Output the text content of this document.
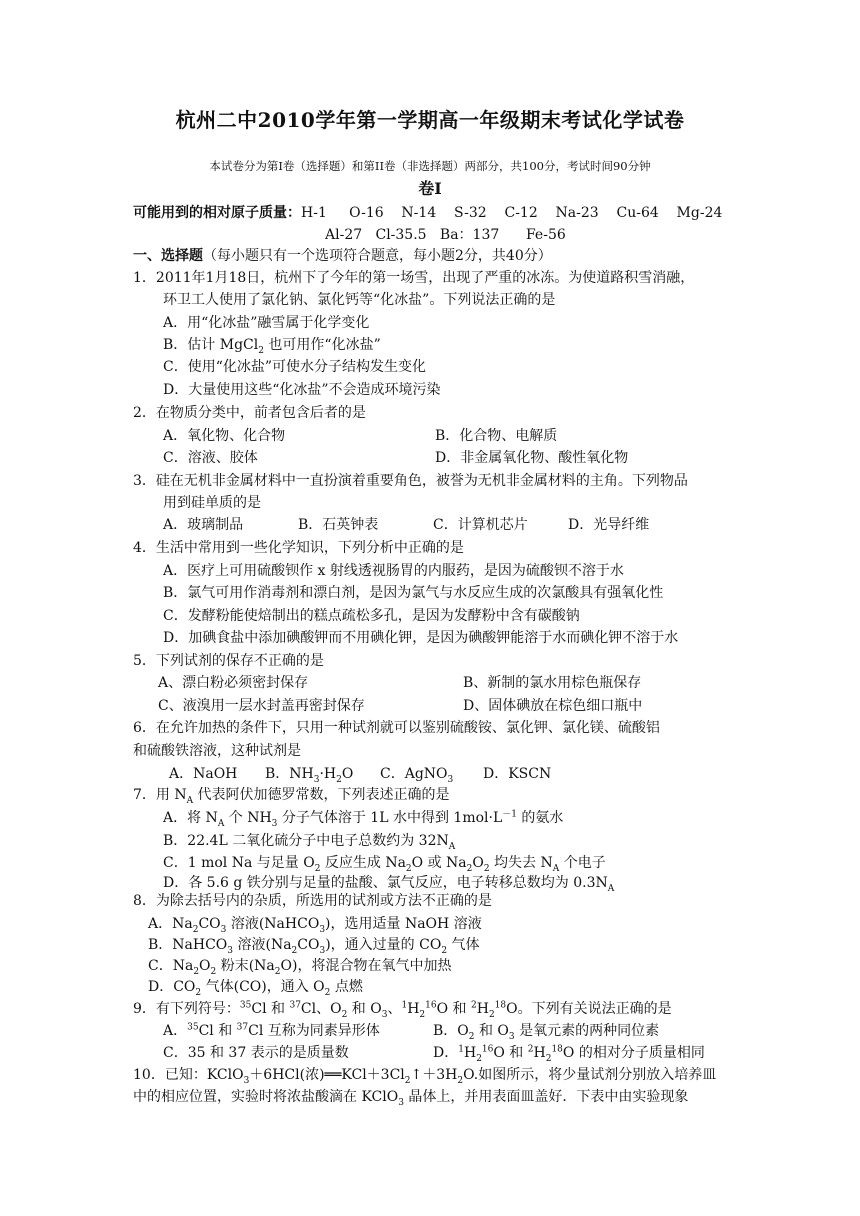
杭州二中2010学年第一学期高一年级期末考试化学试卷
本试卷分为第I卷（选择题）和第II卷（非选择题）两部分，共100分，考试时间90分钟
卷Ⅰ
可能用到的相对原子质量：H-1     O-16    N-14    S-32    C-12    Na-23    Cu-64    Mg-24
Al-27   Cl-35.5   Ba：137      Fe-56
一、选择题（每小题只有一个选项符合题意，每小题2分，共40分）
1．2011年1月18日，杭州下了今年的第一场雪，出现了严重的冰冻。为使道路积雪消融，
环卫工人使用了氯化钠、氯化钙等“化冰盐”。下列说法正确的是
A．用“化冰盐”融雪属于化学变化
B．估计 MgCl$_2$ 也可用作“化冰盐”
C．使用“化冰盐”可使水分子结构发生变化
D．大量使用这些“化冰盐”不会造成环境污染
2．在物质分类中，前者包含后者的是
A．氧化物、化合物	B．化合物、电解质
C．溶液、胶体	D．非金属氧化物、酸性氧化物
3．硅在无机非金属材料中一直扮演着重要角色，被誉为无机非金属材料的主角。下列物品
用到硅单质的是
A．玻璃制品	B．石英钟表	C．计算机芯片	D．光导纤维
4．生活中常用到一些化学知识，下列分析中正确的是
A．医疗上可用硫酸钡作 x 射线透视肠胃的内服药，是因为硫酸钡不溶于水
B．氯气可用作消毒剂和漂白剂，是因为氯气与水反应生成的次氯酸具有强氧化性
C．发酵粉能使焙制出的糕点疏松多孔，是因为发酵粉中含有碳酸钠
D．加碘食盐中添加碘酸钾而不用碘化钾，是因为碘酸钾能溶于水而碘化钾不溶于水
5．下列试剂的保存不正确的是
A、漂白粉必须密封保存	B、新制的氯水用棕色瓶保存
C、液溴用一层水封盖再密封保存	D、固体碘放在棕色细口瓶中
6．在允许加热的条件下，只用一种试剂就可以鉴别硫酸铵、氯化钾、氯化镁、硫酸铝
和硫酸铁溶液，这种试剂是
A．NaOH B．$NH_3\cdot H_2O$ C．AgNO$_3$ D．KSCN
7．用 $N_A$ 代表阿伏加德罗常数，下列表述正确的是
A．将 $N_A$ 个 $NH_3$ 分子气体溶于 1L 水中得到 $1mol\cdot L^{-1}$ 的氨水
B．22.4L 二氧化硫分子中电子总数约为 $32N_A$
C．1 mol Na 与足量 $O_2$ 反应生成 $Na_2O$ 或 $Na_2O_2$ 均失去 $N_A$ 个电子
D．各 5.6 g 铁分别与足量的盐酸、氯气反应，电子转移总数均为 $0.3N_A$
8．为除去括号内的杂质，所选用的试剂或方法不正确的是
A．$Na_2CO_3$ 溶液(NaHCO$_3$)，选用适量 NaOH 溶液
B．NaHCO$_3$ 溶液$(Na_2CO_3)$，通入过量的 $CO_2$ 气体
C．$Na_2O_2$ 粉末$(Na_2O)$，将混合物在氧气中加热
D．$CO_2$ 气体(CO)，通入 $O_2$ 点燃
9．有下列符号：$^{35}$Cl 和 $^{37}$Cl、$O_2$ 和 $O_3$、$^1H_2^{16}O$ 和 $^2H_2^{18}O$。下列有关说法正确的是
A．$^{35}$Cl 和 $^{37}$Cl 互称为同素异形体	B．$O_2$ 和 $O_3$ 是氧元素的两种同位素
C．35 和 37 表示的是质量数	D．$^1H_2^{16}O$ 和 $^2H_2^{18}O$ 的相对分子质量相同
10．已知：KClO$_3$＋6HCl(浓)$══KCl+3Cl_2↑+3H_2O$.如图所示，将少量试剂分别放入培养皿
中的相应位置，实验时将浓盐酸滴在 KClO$_3$ 晶体上，并用表面皿盖好．下表中由实验现象
